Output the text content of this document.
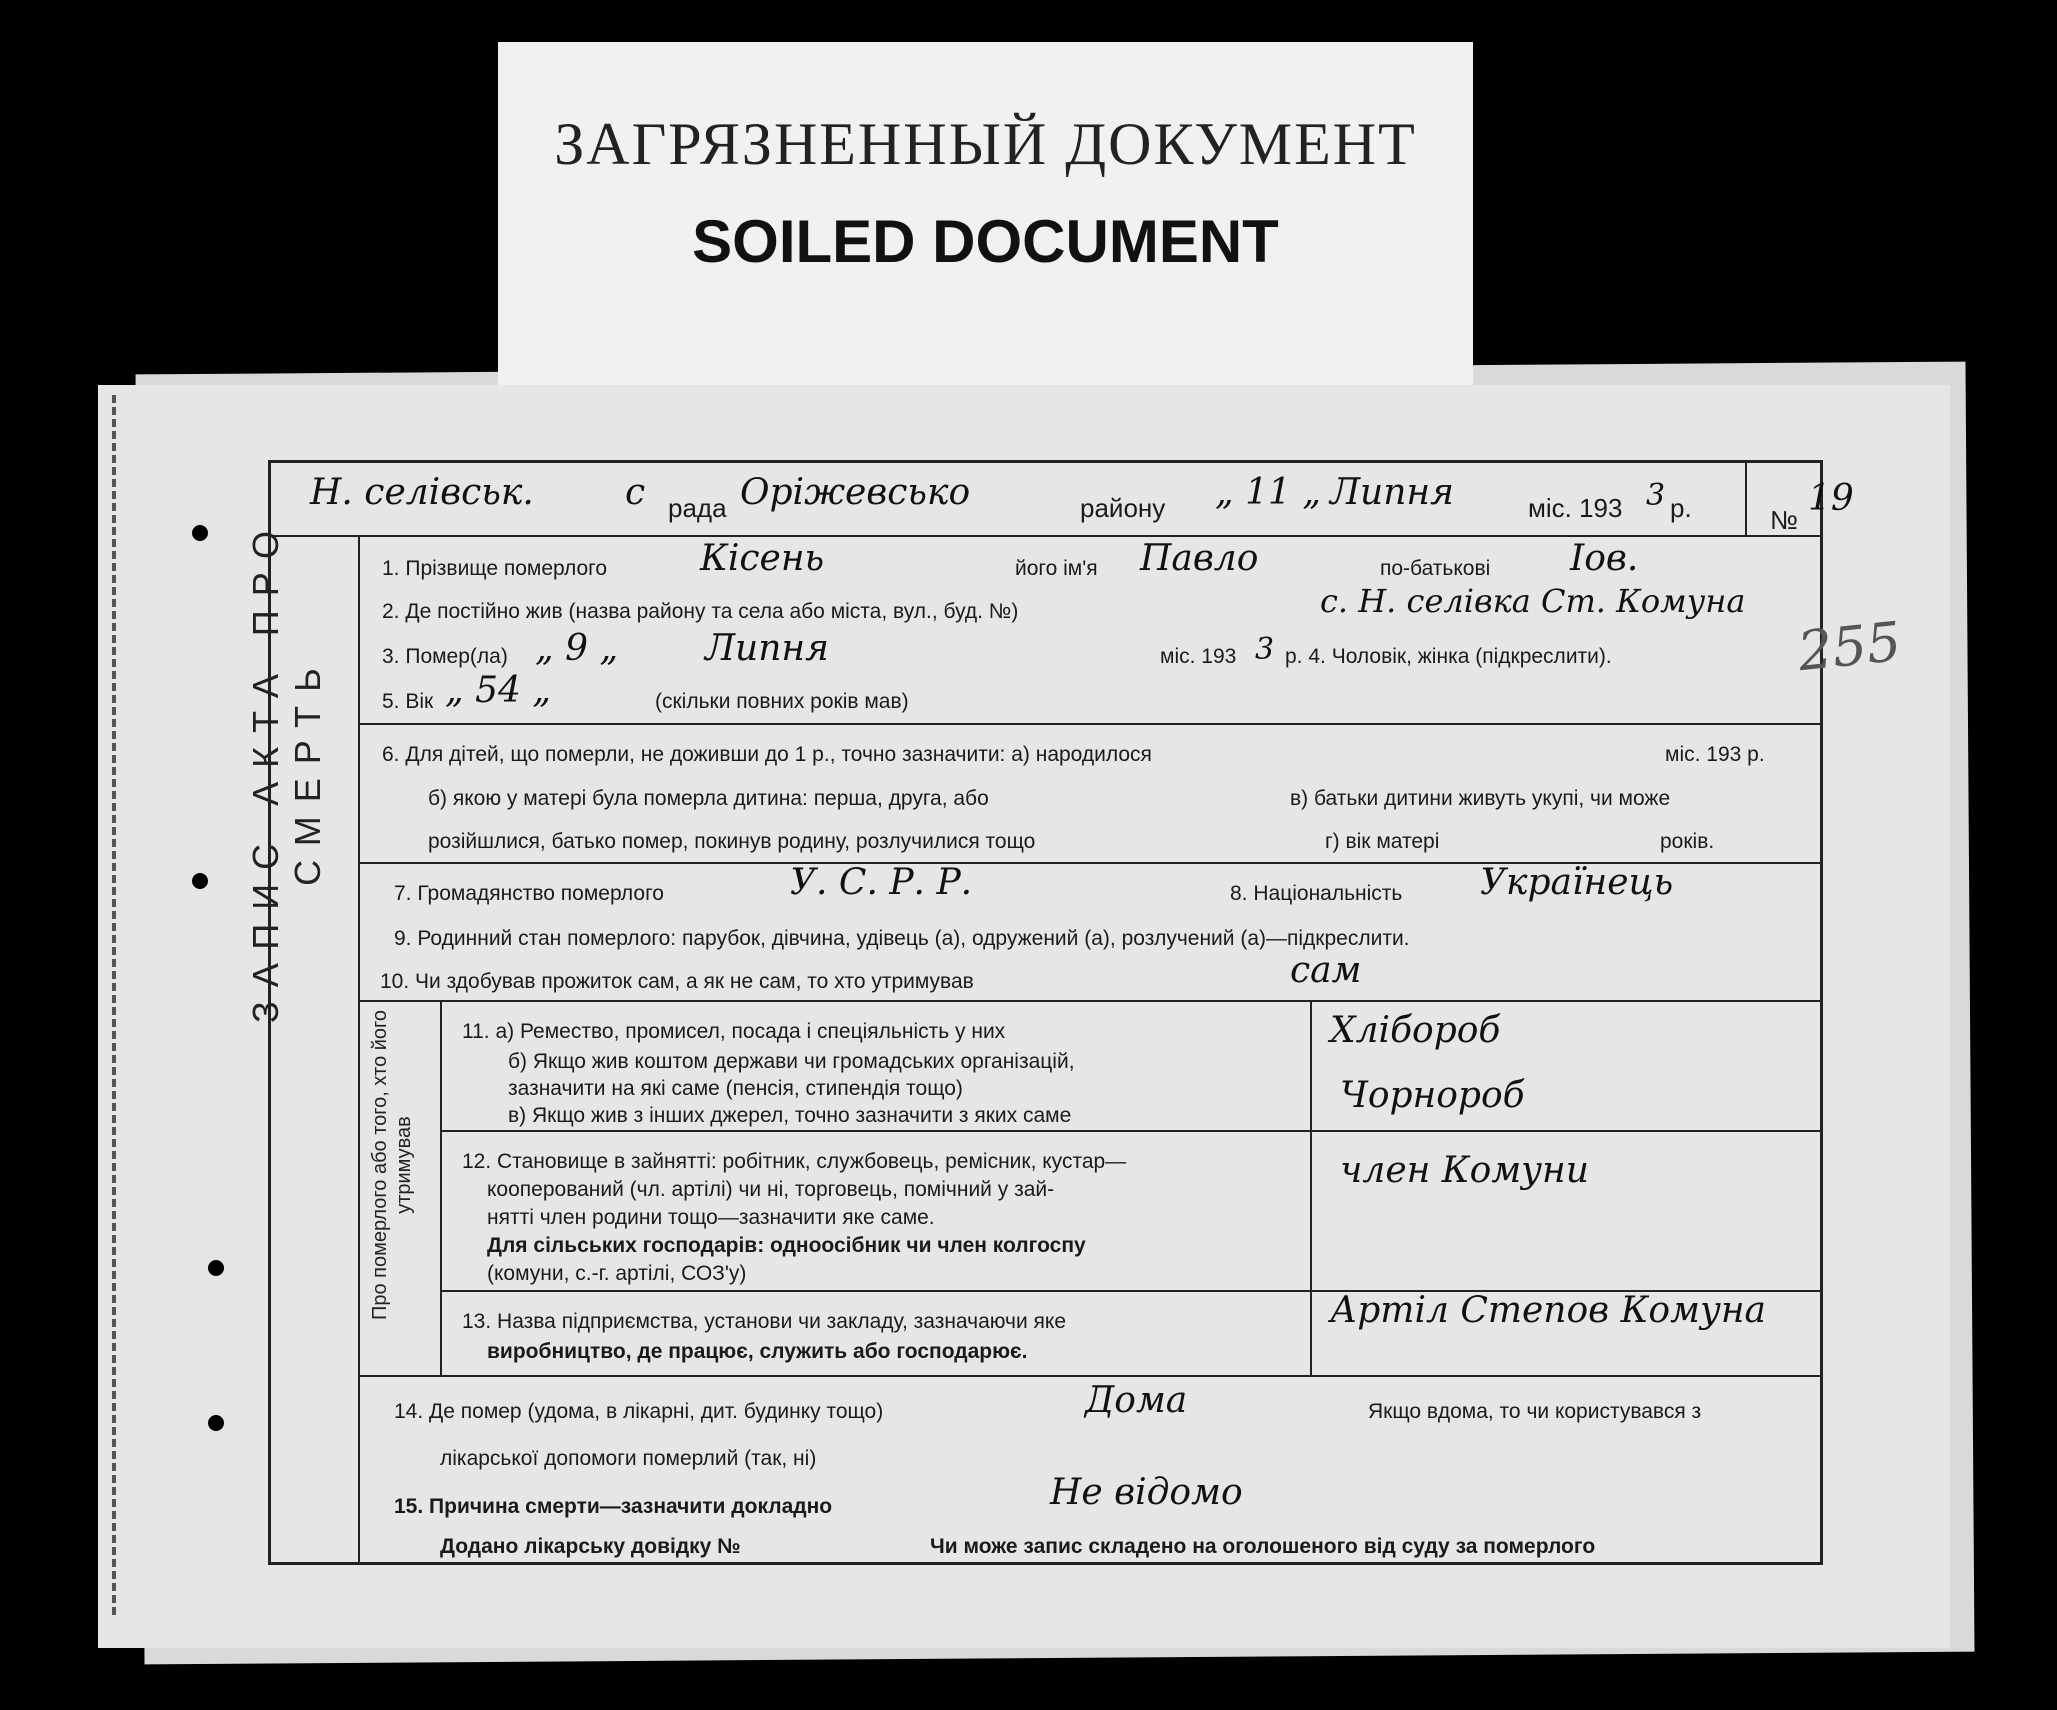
ЗАГРЯЗНЕННЫЙ ДОКУМЕНТ
SOILED DOCUMENT
ЗАПИС АКТА ПРО СМЕРТЬ
Про померлого або того, хто його утримував
Н. селівськ.	с рада Оріжевсько	району „ 11 „ Липня	міс. 193 3 р.	№
19
1. Прізвище померлого	Кісень	його ім'я Павло	по-батькові Іов.
2. Де постійно жив (назва району та села або міста, вул., буд. №)	с. Н. селівка Ст. Комуна
3. Помер(ла) „ 9 „ Липня	міс. 193 3 р. 4. Чоловік, жінка (підкреслити).
5. Вік „ 54 „	(скільки повних років мав)
6. Для дітей, що померли, не доживши до 1 р., точно зазначити: а) народилося	міс. 193 р.
б) якою у матері була померла дитина: перша, друга, або	в) батьки дитини живуть укупі, чи може
розійшлися, батько помер, покинув родину, розлучилися тощо	г) вік матері	років.
7. Громадянство померлого	У. С. Р. Р.	8. Національність Українець
9. Родинний стан померлого: парубок, дівчина, удівець (а), одружений (а), розлучений (а)—підкреслити.
10. Чи здобував прожиток сам, а як не сам, то хто утримував	сам
11. а) Ремество, промисел, посада і спеціяльність у них
б) Якщо жив коштом держави чи громадських організацій,
зазначити на які саме (пенсія, стипендія тощо)
в) Якщо жив з інших джерел, точно зазначити з яких саме
Хлібороб
Чорнороб
12. Становище в зайнятті: робітник, службовець, ремісник, кустар—
кооперований (чл. артілі) чи ні, торговець, помічний у зай-
нятті член родини тощо—зазначити яке саме.
Для сільських господарів: одноосібник чи член колгоспу
(комуни, с.-г. артілі, СОЗ'у)
член Комуни
13. Назва підприємства, установи чи закладу, зазначаючи яке
виробництво, де працює, служить або господарює.
Артіл Степов Комуна
14. Де помер (удома, в лікарні, дит. будинку тощо)	Дома	Якщо вдома, то чи користувався з
лікарської допомоги померлий (так, ні)
15. Причина смерти—зазначити докладно	Не відомо
Додано лікарську довідку №	Чи може запис складено на оголошеного від суду за померлого
255
